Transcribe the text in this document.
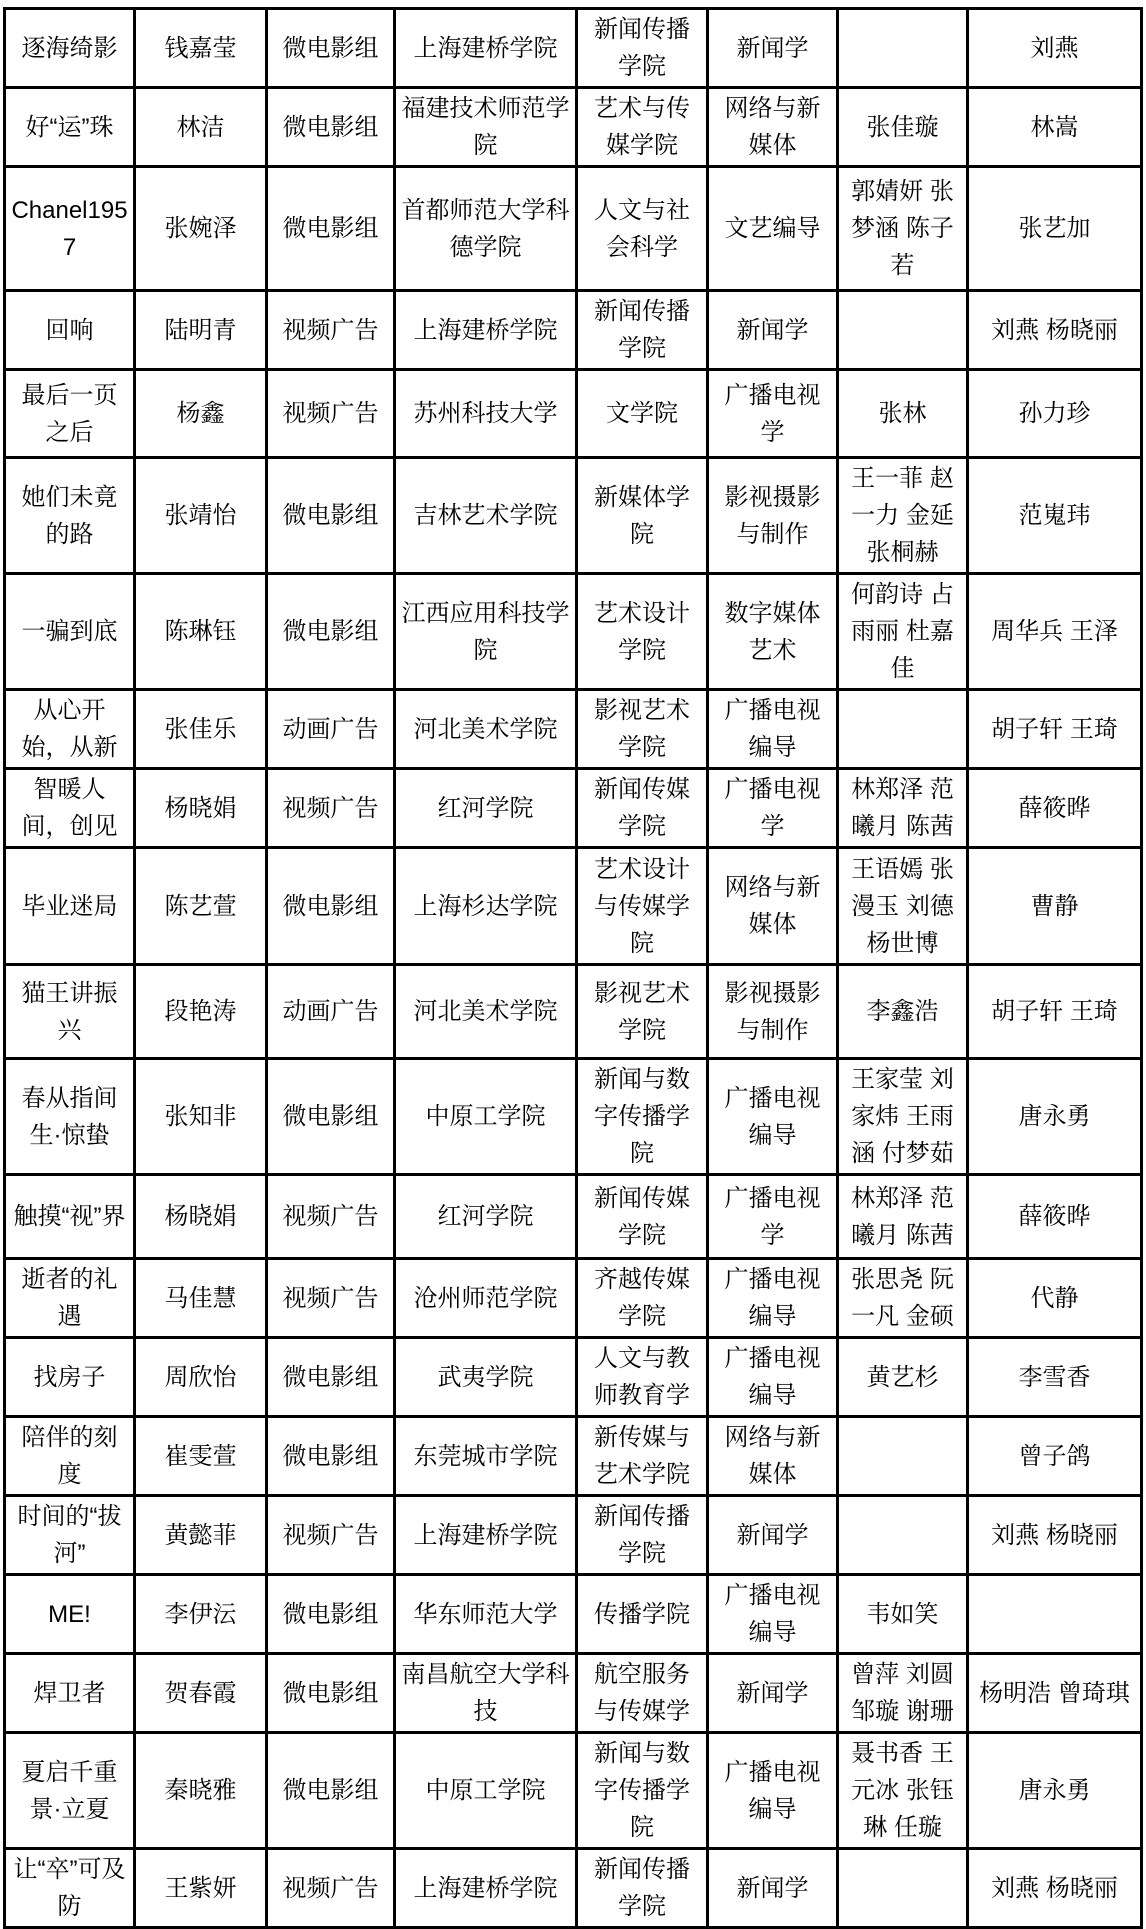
逐海绮影	钱嘉莹	微电影组	上海建桥学院	新闻传播学院	新闻学		刘燕
好“运”珠	林洁	微电影组	福建技术师范学院	艺术与传媒学院	网络与新媒体	张佳璇	林嵩
Chanel1957	张婉泽	微电影组	首都师范大学科德学院	人文与社会科学	文艺编导	郭婧妍 张梦涵 陈子若	张艺加
回响	陆明青	视频广告	上海建桥学院	新闻传播学院	新闻学		刘燕 杨晓丽
最后一页之后	杨鑫	视频广告	苏州科技大学	文学院	广播电视学	张林	孙力珍
她们未竟的路	张靖怡	微电影组	吉林艺术学院	新媒体学院	影视摄影与制作	王一菲 赵一力 金延 张桐赫	范嵬玮
一骗到底	陈琳钰	微电影组	江西应用科技学院	艺术设计学院	数字媒体艺术	何韵诗 占雨丽 杜嘉佳	周华兵 王泽
从心开始，从新	张佳乐	动画广告	河北美术学院	影视艺术学院	广播电视编导		胡子轩 王琦
智暖人间，创见	杨晓娟	视频广告	红河学院	新闻传媒学院	广播电视学	林郑泽 范曦月 陈茜	薛筱晔
毕业迷局	陈艺萱	微电影组	上海杉达学院	艺术设计与传媒学院	网络与新媒体	王语嫣 张漫玉 刘德 杨世博	曹静
猫王讲振兴	段艳涛	动画广告	河北美术学院	影视艺术学院	影视摄影与制作	李鑫浩	胡子轩 王琦
春从指间生·惊蛰	张知非	微电影组	中原工学院	新闻与数字传播学院	广播电视编导	王家莹 刘家炜 王雨涵 付梦茹	唐永勇
触摸“视”界	杨晓娟	视频广告	红河学院	新闻传媒学院	广播电视学	林郑泽 范曦月 陈茜	薛筱晔
逝者的礼遇	马佳慧	视频广告	沧州师范学院	齐越传媒学院	广播电视编导	张思尧 阮一凡 金硕	代静
找房子	周欣怡	微电影组	武夷学院	人文与教师教育学	广播电视编导	黄艺杉	李雪香
陪伴的刻度	崔雯萱	微电影组	东莞城市学院	新传媒与艺术学院	网络与新媒体		曾子鸽
时间的“拔河”	黄懿菲	视频广告	上海建桥学院	新闻传播学院	新闻学		刘燕 杨晓丽
ME!	李伊沄	微电影组	华东师范大学	传播学院	广播电视编导	韦如笑	
焊卫者	贺春霞	微电影组	南昌航空大学科技	航空服务与传媒学	新闻学	曾萍 刘圆 邹璇 谢珊	杨明浩 曾琦琪
夏启千重景·立夏	秦晓雅	微电影组	中原工学院	新闻与数字传播学院	广播电视编导	聂书香 王元冰 张钰琳 任璇	唐永勇
让“卒”可及防	王紫妍	视频广告	上海建桥学院	新闻传播学院	新闻学		刘燕 杨晓丽
